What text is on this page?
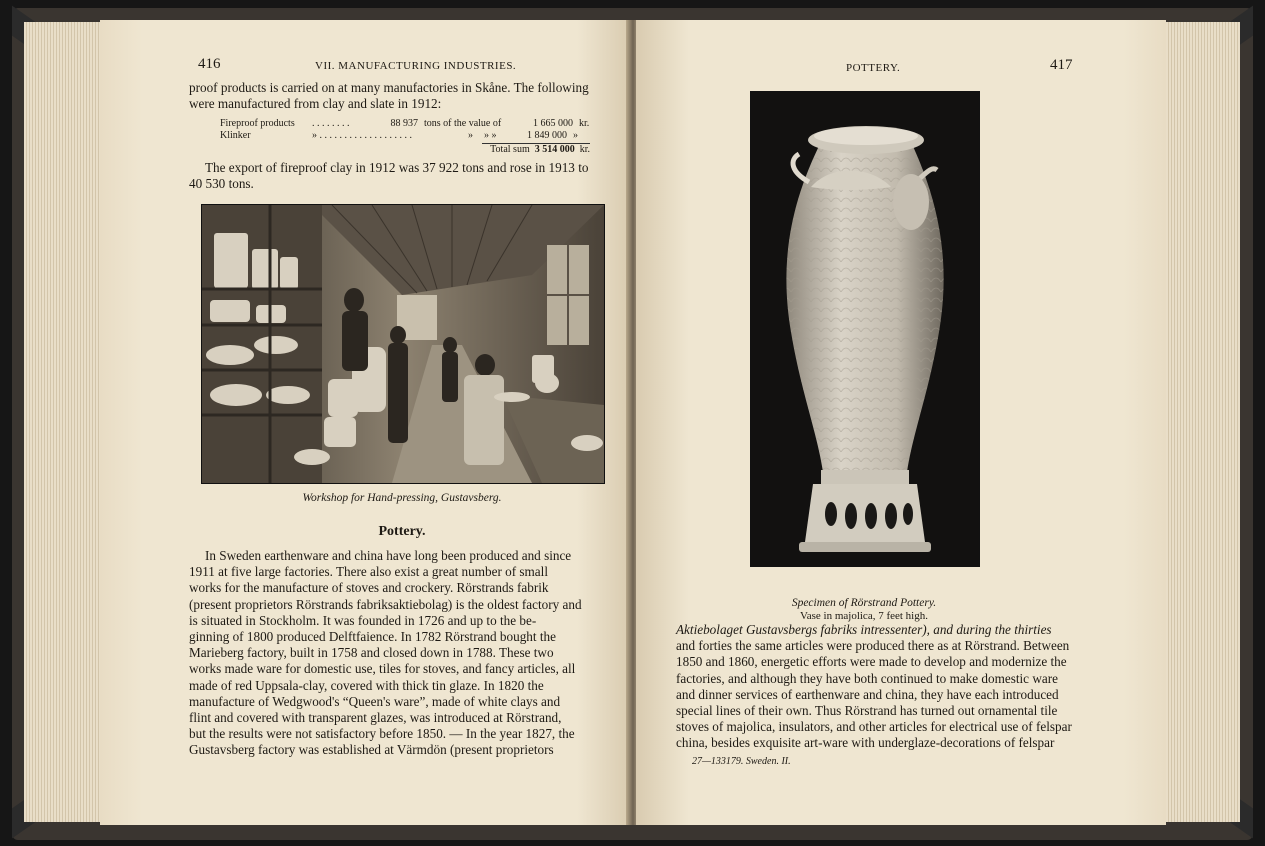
416	VII. MANUFACTURING INDUSTRIES.
proof products is carried on at many manufactories in Skåne. The following
were manufactured from clay and slate in 1912:
Fireproof products	. . . . . . . .	88 937 tons of the value of	1 665 000 kr.
Klinker	» . . . . . . . . . . . . . . . . . . .	»	» »	1 849 000 »
Total sum 3 514 000 kr.

The export of fireproof clay in 1912 was 37 922 tons and rose in 1913 to

40 530 tons.
Workshop for Hand-pressing, Gustavsberg.
Pottery.
In Sweden earthenware and china have long been produced and since
1911 at five large factories. There also exist a great number of small
works for the manufacture of stoves and crockery. Rörstrands fabrik
(present proprietors Rörstrands fabriksaktiebolag) is the oldest factory and
is situated in Stockholm. It was founded in 1726 and up to the be-
ginning of 1800 produced Delftfaience. In 1782 Rörstrand bought the
Marieberg factory, built in 1758 and closed down in 1788. These two
works made ware for domestic use, tiles for stoves, and fancy articles, all
made of red Uppsala-clay, covered with thick tin glaze. In 1820 the
manufacture of Wedgwood's “Queen's ware”, made of white clays and
flint and covered with transparent glazes, was introduced at Rörstrand,
but the results were not satisfactory before 1850. — In the year 1827, the
Gustavsberg factory was established at Värmdön (present proprietors
POTTERY.	417
Specimen of Rörstrand Pottery.
Vase in majolica, 7 feet high.
Aktiebolaget Gustavsbergs fabriks intressenter), and during the thirties
and forties the same articles were produced there as at Rörstrand. Between
1850 and 1860, energetic efforts were made to develop and modernize the
factories, and although they have both continued to make domestic ware
and dinner services of earthenware and china, they have each introduced
special lines of their own. Thus Rörstrand has turned out ornamental tile
stoves of majolica, insulators, and other articles for electrical use of felspar
china, besides exquisite art-ware with underglaze-decorations of felspar
27—133179. Sweden. II.
